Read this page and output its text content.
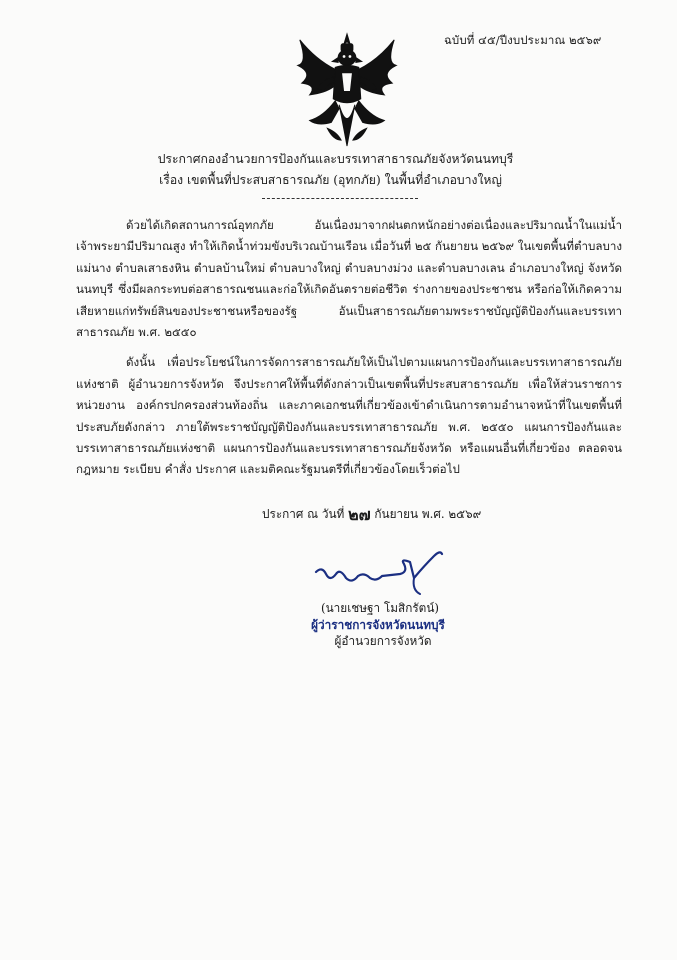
ฉบับที่ ๔๕/ปีงบประมาณ ๒๕๖๙
ประกาศกองอำนวยการป้องกันและบรรเทาสาธารณภัยจังหวัดนนทบุรี
เรื่อง เขตพื้นที่ประสบสาธารณภัย (อุทกภัย) ในพื้นที่อำเภอบางใหญ่

ด้วยได้เกิดสถานการณ์อุทกภัย อันเนื่องมาจากฝนตกหนักอย่างต่อเนื่องและปริมาณน้ำในแม่น้ำเจ้าพระยามีปริมาณสูง ทำให้เกิดน้ำท่วมขังบริเวณบ้านเรือน เมื่อวันที่ ๒๕ กันยายน ๒๕๖๙ ในเขตพื้นที่ตำบลบางแม่นาง ตำบลเสาธงหิน ตำบลบ้านใหม่ ตำบลบางใหญ่ ตำบลบางม่วง และตำบลบางเลน อำเภอบางใหญ่ จังหวัดนนทบุรี ซึ่งมีผลกระทบต่อสาธารณชนและก่อให้เกิดอันตรายต่อชีวิต ร่างกายของประชาชน หรือก่อให้เกิดความเสียหายแก่ทรัพย์สินของประชาชนหรือของรัฐ อันเป็นสาธารณภัยตามพระราชบัญญัติป้องกันและบรรเทาสาธารณภัย พ.ศ. ๒๕๕๐

ดังนั้น เพื่อประโยชน์ในการจัดการสาธารณภัยให้เป็นไปตามแผนการป้องกันและบรรเทาสาธารณภัยแห่งชาติ ผู้อำนวยการจังหวัด จึงประกาศให้พื้นที่ดังกล่าวเป็นเขตพื้นที่ประสบสาธารณภัย เพื่อให้ส่วนราชการ หน่วยงาน องค์กรปกครองส่วนท้องถิ่น และภาคเอกชนที่เกี่ยวข้องเข้าดำเนินการตามอำนาจหน้าที่ในเขตพื้นที่ประสบภัยดังกล่าว ภายใต้พระราชบัญญัติป้องกันและบรรเทาสาธารณภัย พ.ศ. ๒๕๕๐ แผนการป้องกันและบรรเทาสาธารณภัยแห่งชาติ แผนการป้องกันและบรรเทาสาธารณภัยจังหวัด หรือแผนอื่นที่เกี่ยวข้อง ตลอดจนกฎหมาย ระเบียบ คำสั่ง ประกาศ และมติคณะรัฐมนตรีที่เกี่ยวข้องโดยเร็วต่อไป

ประกาศ ณ วันที่ ๒๗ กันยายน พ.ศ. ๒๕๖๙
(นายเชษฐา โมสิกรัตน์)
ผู้ว่าราชการจังหวัดนนทบุรี
ผู้อำนวยการจังหวัด
